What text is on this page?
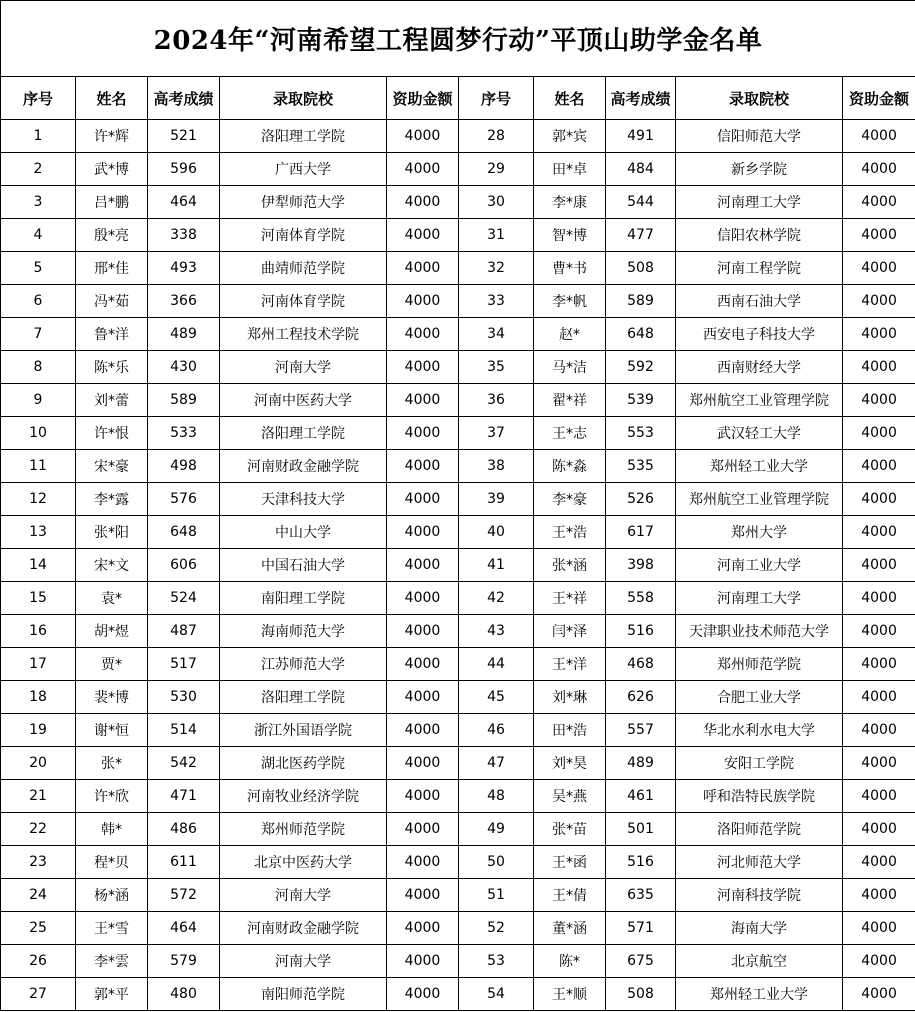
2024年“河南希望工程圆梦行动”平顶山助学金名单									
序号	姓名	高考成绩	录取院校	资助金额	序号	姓名	高考成绩	录取院校	资助金额
1	许*辉	521	洛阳理工学院	4000	28	郭*宾	491	信阳师范大学	4000
2	武*博	596	广西大学	4000	29	田*卓	484	新乡学院	4000
3	吕*鹏	464	伊犁师范大学	4000	30	李*康	544	河南理工大学	4000
4	殷*亮	338	河南体育学院	4000	31	智*博	477	信阳农林学院	4000
5	邢*佳	493	曲靖师范学院	4000	32	曹*书	508	河南工程学院	4000
6	冯*茹	366	河南体育学院	4000	33	李*帆	589	西南石油大学	4000
7	鲁*洋	489	郑州工程技术学院	4000	34	赵*	648	西安电子科技大学	4000
8	陈*乐	430	河南大学	4000	35	马*洁	592	西南财经大学	4000
9	刘*蕾	589	河南中医药大学	4000	36	翟*祥	539	郑州航空工业管理学院	4000
10	许*恨	533	洛阳理工学院	4000	37	王*志	553	武汉轻工大学	4000
11	宋*豪	498	河南财政金融学院	4000	38	陈*淼	535	郑州轻工业大学	4000
12	李*露	576	天津科技大学	4000	39	李*豪	526	郑州航空工业管理学院	4000
13	张*阳	648	中山大学	4000	40	王*浩	617	郑州大学	4000
14	宋*文	606	中国石油大学	4000	41	张*涵	398	河南工业大学	4000
15	袁*	524	南阳理工学院	4000	42	王*祥	558	河南理工大学	4000
16	胡*煜	487	海南师范大学	4000	43	闫*泽	516	天津职业技术师范大学	4000
17	贾*	517	江苏师范大学	4000	44	王*洋	468	郑州师范学院	4000
18	裴*博	530	洛阳理工学院	4000	45	刘*琳	626	合肥工业大学	4000
19	谢*恒	514	浙江外国语学院	4000	46	田*浩	557	华北水利水电大学	4000
20	张*	542	湖北医药学院	4000	47	刘*昊	489	安阳工学院	4000
21	许*欣	471	河南牧业经济学院	4000	48	吴*燕	461	呼和浩特民族学院	4000
22	韩*	486	郑州师范学院	4000	49	张*苗	501	洛阳师范学院	4000
23	程*贝	611	北京中医药大学	4000	50	王*函	516	河北师范大学	4000
24	杨*涵	572	河南大学	4000	51	王*倩	635	河南科技学院	4000
25	王*雪	464	河南财政金融学院	4000	52	董*涵	571	海南大学	4000
26	李*雲	579	河南大学	4000	53	陈*	675	北京航空	4000
27	郭*平	480	南阳师范学院	4000	54	王*顺	508	郑州轻工业大学	4000
